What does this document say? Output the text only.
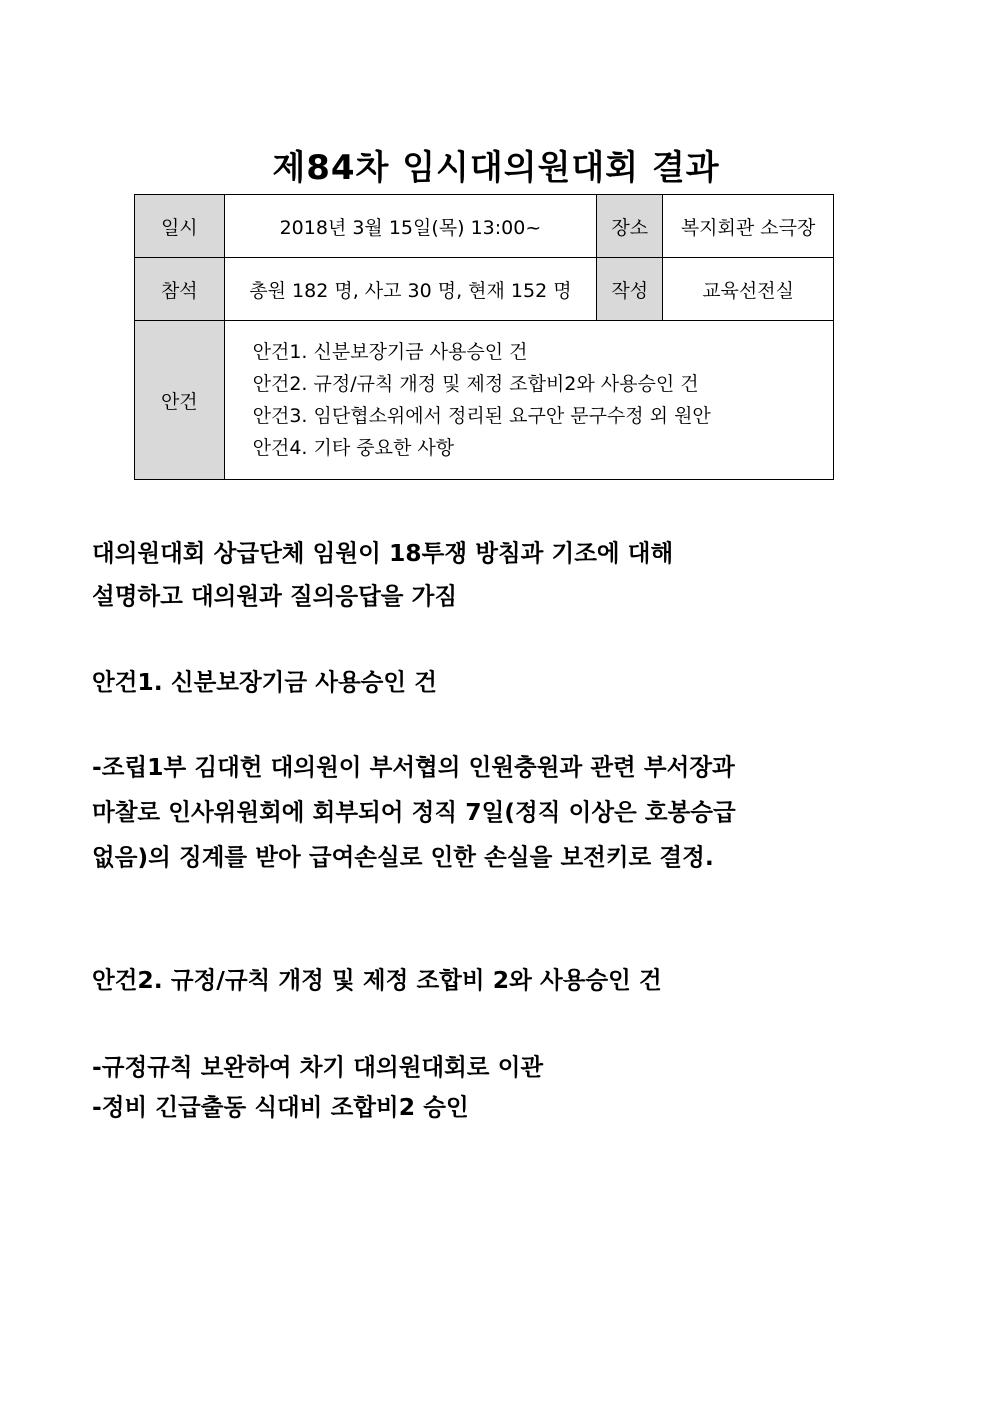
제84차 임시대의원대회 결과
일시	2018년 3월 15일(목) 13:00~	장소	복지회관 소극장
참석	총원 182 명, 사고 30 명, 현재 152 명	작성	교육선전실
안건	안건1. 신분보장기금 사용승인 건
안건2. 규정/규칙 개정 및 제정 조합비2와 사용승인 건
안건3. 임단협소위에서 정리된 요구안 문구수정 외 원안
안건4. 기타 중요한 사항		
대의원대회 상급단체 임원이 18투쟁 방침과 기조에 대해
설명하고 대의원과 질의응답을 가짐
안건1. 신분보장기금 사용승인 건
-조립1부 김대헌 대의원이 부서협의 인원충원과 관련 부서장과
마찰로 인사위원회에 회부되어 정직 7일(정직 이상은 호봉승급
없음)의 징계를 받아 급여손실로 인한 손실을 보전키로 결정.
안건2. 규정/규칙 개정 및 제정 조합비 2와 사용승인 건
-규정규칙 보완하여 차기 대의원대회로 이관
-정비 긴급출동 식대비 조합비2 승인
